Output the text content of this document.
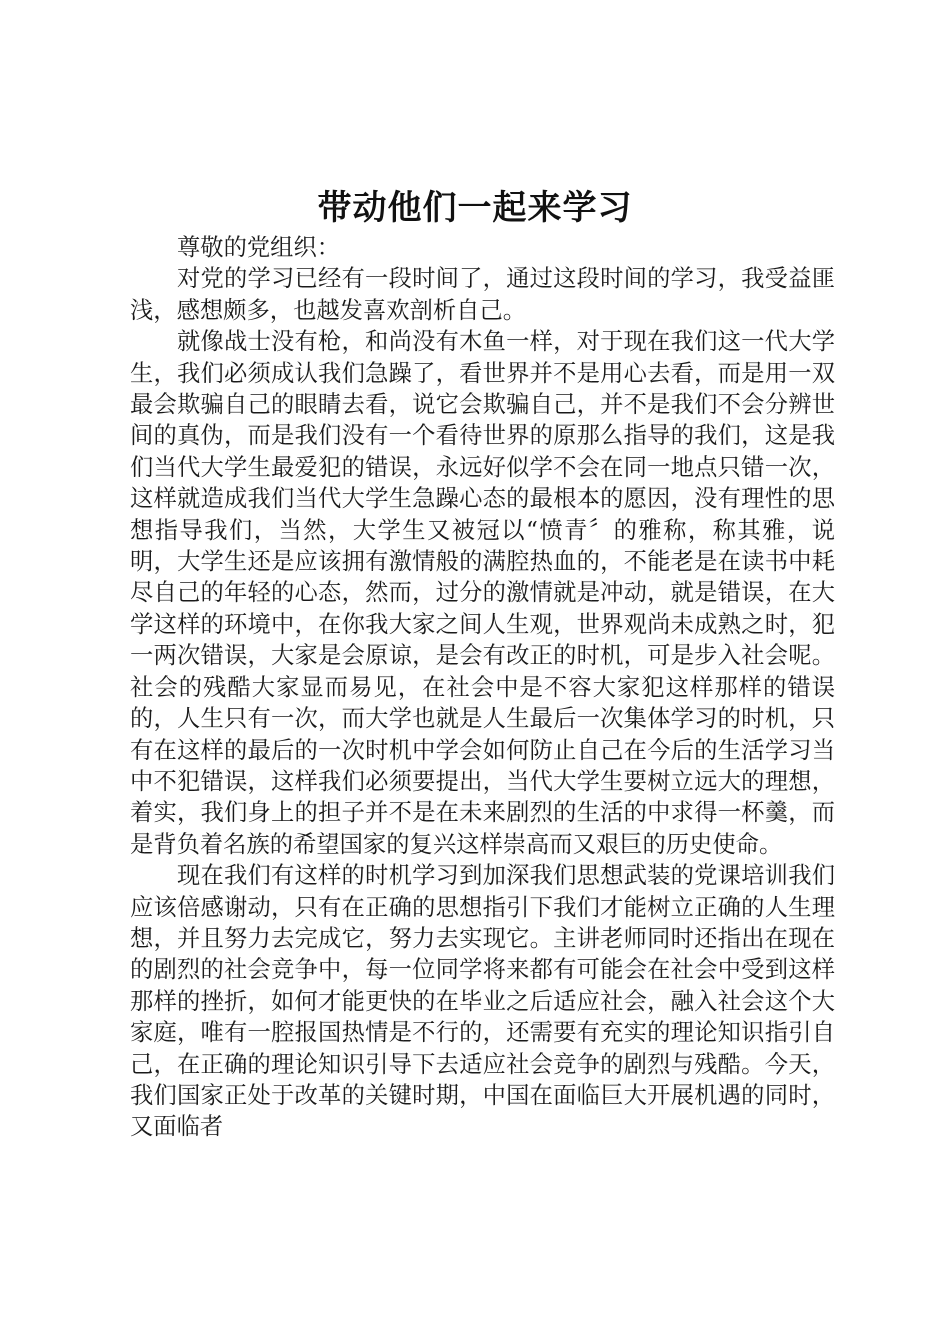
带动他们一起来学习

尊敬的党组织：

对党的学习已经有一段时间了，通过这段时间的学习，我受益匪浅，感想颇多，也越发喜欢剖析自己。

就像战士没有枪，和尚没有木鱼一样，对于现在我们这一代大学生，我们必须成认我们急躁了，看世界并不是用心去看，而是用一双最会欺骗自己的眼睛去看，说它会欺骗自己，并不是我们不会分辨世间的真伪，而是我们没有一个看待世界的原那么指导的我们，这是我们当代大学生最爱犯的错误，永远好似学不会在同一地点只错一次，这样就造成我们当代大学生急躁心态的最根本的愿因，没有理性的思想指导我们，当然，大学生又被冠以“愤青〞的雅称，称其雅，说明，大学生还是应该拥有激情般的满腔热血的，不能老是在读书中耗尽自己的年轻的心态，然而，过分的激情就是冲动，就是错误，在大学这样的环境中，在你我大家之间人生观，世界观尚未成熟之时，犯一两次错误，大家是会原谅，是会有改正的时机，可是步入社会呢。社会的残酷大家显而易见，在社会中是不容大家犯这样那样的错误的，人生只有一次，而大学也就是人生最后一次集体学习的时机，只有在这样的最后的一次时机中学会如何防止自己在今后的生活学习当中不犯错误，这样我们必须要提出，当代大学生要树立远大的理想，着实，我们身上的担子并不是在未来剧烈的生活的中求得一杯羹，而是背负着名族的希望国家的复兴这样崇高而又艰巨的历史使命。

现在我们有这样的时机学习到加深我们思想武装的党课培训我们应该倍感谢动，只有在正确的思想指引下我们才能树立正确的人生理想，并且努力去完成它，努力去实现它。主讲老师同时还指出在现在的剧烈的社会竞争中，每一位同学将来都有可能会在社会中受到这样那样的挫折，如何才能更快的在毕业之后适应社会，融入社会这个大家庭，唯有一腔报国热情是不行的，还需要有充实的理论知识指引自己，在正确的理论知识引导下去适应社会竞争的剧烈与残酷。今天，我们国家正处于改革的关键时期，中国在面临巨大开展机遇的同时，又面临者
